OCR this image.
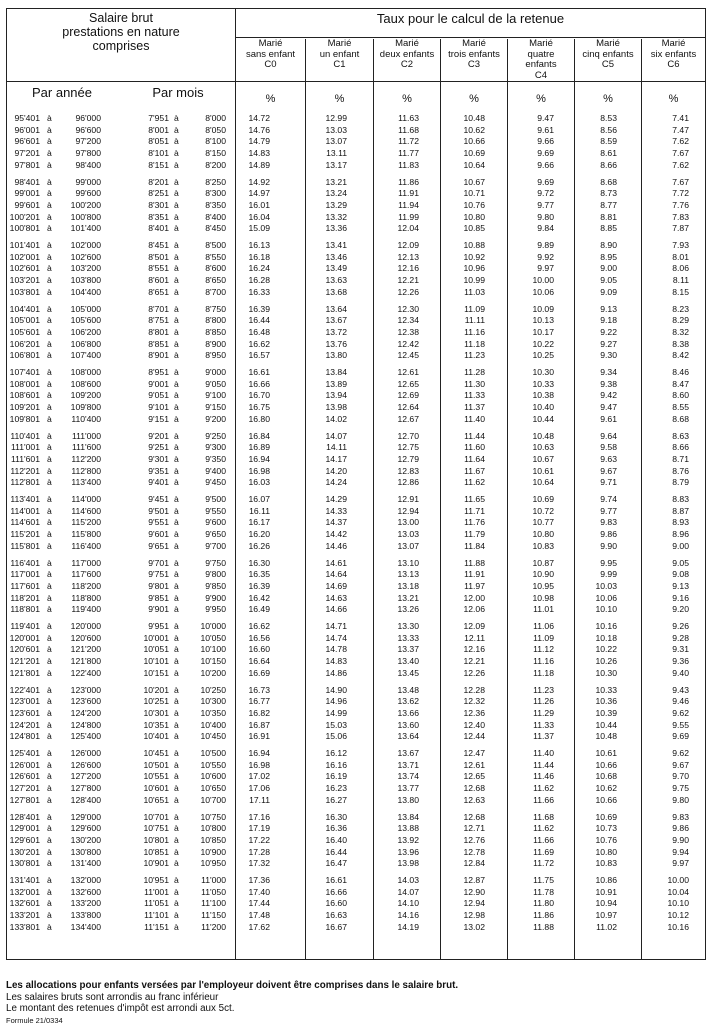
Salaire brut
prestations en nature
comprises
Taux pour le calcul de la retenue
Par année	Par mois
Marié
sans enfant
C0
%
Marié
un enfant
C1
%
Marié
deux enfants
C2
%
Marié
trois enfants
C3
%
Marié
quatre
enfants
C4
%
Marié
cinq enfants
C5
%
Marié
six enfants
C6
%
95'401 à	96'000	7'951 à	8'000	14.72	12.99	11.63	10.48	9.47	8.53	7.41
96'001 à	96'600	8'001 à	8'050	14.76	13.03	11.68	10.62	9.61	8.56	7.47
96'601 à	97'200	8'051 à	8'100	14.79	13.07	11.72	10.66	9.66	8.59	7.62
97'201 à	97'800	8'101 à	8'150	14.83	13.11	11.77	10.69	9.69	8.61	7.67
97'801 à	98'400	8'151 à	8'200	14.89	13.17	11.83	10.64	9.66	8.66	7.62
98'401 à	99'000	8'201 à	8'250	14.92	13.21	11.86	10.67	9.69	8.68	7.67
99'001 à	99'600	8'251 à	8'300	14.97	13.24	11.91	10.71	9.72	8.73	7.72
99'601 à 100'200	8'301 à	8'350	16.01	13.29	11.94	10.76	9.77	8.77	7.76
100'201 à 100'800	8'351 à	8'400	16.04	13.32	11.99	10.80	9.80	8.81	7.83
100'801 à 101'400	8'401 à	8'450	15.09	13.36	12.04	10.85	9.84	8.85	7.87
101'401 à 102'000	8'451 à	8'500	16.13	13.41	12.09	10.88	9.89	8.90	7.93
102'001 à 102'600	8'501 à	8'550	16.18	13.46	12.13	10.92	9.92	8.95	8.01
102'601 à 103'200	8'551 à	8'600	16.24	13.49	12.16	10.96	9.97	9.00	8.06
103'201 à 103'800	8'601 à	8'650	16.28	13.63	12.21	10.99	10.00	9.05	8.11
103'801 à 104'400	8'651 à	8'700	16.33	13.68	12.26	11.03	10.06	9.09	8.15
104'401 à 105'000	8'701 à	8'750	16.39	13.64	12.30	11.09	10.09	9.13	8.23
105'001 à 105'600	8'751 à	8'800	16.44	13.67	12.34	11.11	10.13	9.18	8.29
105'601 à 106'200	8'801 à	8'850	16.48	13.72	12.38	11.16	10.17	9.22	8.32
106'201 à 106'800	8'851 à	8'900	16.62	13.76	12.42	11.18	10.22	9.27	8.38
106'801 à 107'400	8'901 à	8'950	16.57	13.80	12.45	11.23	10.25	9.30	8.42
107'401 à 108'000	8'951 à	9'000	16.61	13.84	12.61	11.28	10.30	9.34	8.46
108'001 à 108'600	9'001 à	9'050	16.66	13.89	12.65	11.30	10.33	9.38	8.47
108'601 à 109'200	9'051 à	9'100	16.70	13.94	12.69	11.33	10.38	9.42	8.60
109'201 à 109'800	9'101 à	9'150	16.75	13.98	12.64	11.37	10.40	9.47	8.55
109'801 à 110'400	9'151 à	9'200	16.80	14.02	12.67	11.40	10.44	9.61	8.68
110'401 à 111'000	9'201 à	9'250	16.84	14.07	12.70	11.44	10.48	9.64	8.63
111'001 à 111'600	9'251 à	9'300	16.89	14.11	12.75	11.60	10.63	9.58	8.66
111'601 à 112'200	9'301 à	9'350	16.94	14.17	12.79	11.64	10.67	9.63	8.71
112'201 à 112'800	9'351 à	9'400	16.98	14.20	12.83	11.67	10.61	9.67	8.76
112'801 à 113'400	9'401 à	9'450	16.03	14.24	12.86	11.62	10.64	9.71	8.79
113'401 à 114'000	9'451 à	9'500	16.07	14.29	12.91	11.65	10.69	9.74	8.83
114'001 à 114'600	9'501 à	9'550	16.11	14.33	12.94	11.71	10.72	9.77	8.87
114'601 à 115'200	9'551 à	9'600	16.17	14.37	13.00	11.76	10.77	9.83	8.93
115'201 à 115'800	9'601 à	9'650	16.20	14.42	13.03	11.79	10.80	9.86	8.96
115'801 à 116'400	9'651 à	9'700	16.26	14.46	13.07	11.84	10.83	9.90	9.00
116'401 à 117'000	9'701 à	9'750	16.30	14.61	13.10	11.88	10.87	9.95	9.05
117'001 à 117'600	9'751 à	9'800	16.35	14.64	13.13	11.91	10.90	9.99	9.08
117'601 à 118'200	9'801 à	9'850	16.39	14.69	13.18	11.97	10.95	10.03	9.13
118'201 à 118'800	9'851 à	9'900	16.42	14.63	13.21	12.00	10.98	10.06	9.16
118'801 à 119'400	9'901 à	9'950	16.49	14.66	13.26	12.06	11.01	10.10	9.20
119'401 à 120'000	9'951 à	10'000	16.62	14.71	13.30	12.09	11.06	10.16	9.26
120'001 à 120'600	10'001 à	10'050	16.56	14.74	13.33	12.11	11.09	10.18	9.28
120'601 à 121'200	10'051 à	10'100	16.60	14.78	13.37	12.16	11.12	10.22	9.31
121'201 à 121'800	10'101 à	10'150	16.64	14.83	13.40	12.21	11.16	10.26	9.36
121'801 à 122'400	10'151 à	10'200	16.69	14.86	13.45	12.26	11.18	10.30	9.40
122'401 à 123'000	10'201 à	10'250	16.73	14.90	13.48	12.28	11.23	10.33	9.43
123'001 à 123'600	10'251 à	10'300	16.77	14.96	13.62	12.32	11.26	10.36	9.46
123'601 à 124'200	10'301 à	10'350	16.82	14.99	13.66	12.36	11.29	10.39	9.62
124'201 à 124'800	10'351 à	10'400	16.87	15.03	13.60	12.40	11.33	10.44	9.55
124'801 à 125'400	10'401 à	10'450	16.91	15.06	13.64	12.44	11.37	10.48	9.69
125'401 à 126'000	10'451 à	10'500	16.94	16.12	13.67	12.47	11.40	10.61	9.62
126'001 à 126'600	10'501 à	10'550	16.98	16.16	13.71	12.61	11.44	10.66	9.67
126'601 à 127'200	10'551 à	10'600	17.02	16.19	13.74	12.65	11.46	10.68	9.70
127'201 à 127'800	10'601 à	10'650	17.06	16.23	13.77	12.68	11.62	10.62	9.75
127'801 à 128'400	10'651 à	10'700	17.11	16.27	13.80	12.63	11.66	10.66	9.80
128'401 à 129'000	10'701 à	10'750	17.16	16.30	13.84	12.68	11.68	10.69	9.83
129'001 à 129'600	10'751 à	10'800	17.19	16.36	13.88	12.71	11.62	10.73	9.86
129'601 à 130'200	10'801 à	10'850	17.22	16.40	13.92	12.76	11.66	10.76	9.90
130'201 à 130'800	10'851 à	10'900	17.28	16.44	13.96	12.78	11.69	10.80	9.94
130'801 à 131'400	10'901 à	10'950	17.32	16.47	13.98	12.84	11.72	10.83	9.97
131'401 à 132'000	10'951 à	11'000	17.36	16.61	14.03	12.87	11.75	10.86	10.00
132'001 à 132'600	11'001 à	11'050	17.40	16.66	14.07	12.90	11.78	10.91	10.04
132'601 à 133'200	11'051 à	11'100	17.44	16.60	14.10	12.94	11.80	10.94	10.10
133'201 à 133'800	11'101 à	11'150	17.48	16.63	14.16	12.98	11.86	10.97	10.12
133'801 à 134'400	11'151 à	11'200	17.62	16.67	14.19	13.02	11.88	11.02	10.16
Les allocations pour enfants versées par l'employeur doivent être comprises dans le salaire brut.
Les salaires bruts sont arrondis au franc inférieur
Le montant des retenues d'impôt est arrondi aux 5ct.
Formule 21/0334
